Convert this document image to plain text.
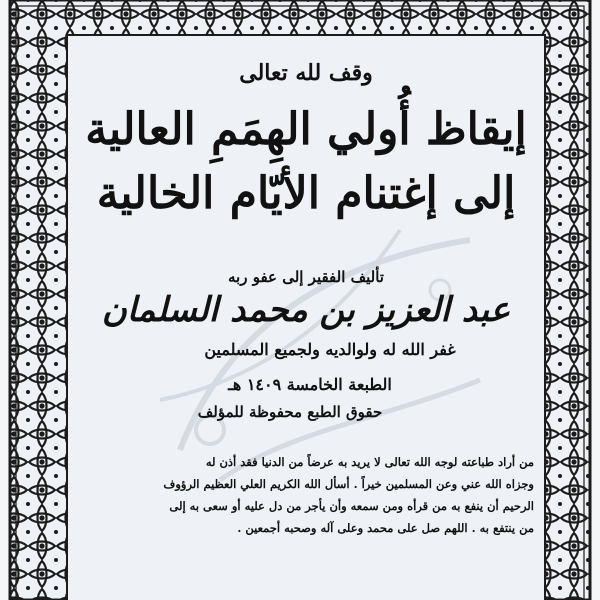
وقف لله تعالى
إيقاظ أُولي الهِمَمِ العالية
إلى إغتنام الأيّام الخالية
تأليف الفقير إلى عفو ربه
عبد العزيز بن محمد السلمان
غفر الله له ولوالديه ولجميع المسلمين
الطبعة الخامسة ١٤٠٩ هـ
حقوق الطبع محفوظة للمؤلف
من أراد طباعته لوجه الله تعالى لا يريد به عرضاً من الدنيا فقد أذن له
وجزاه الله عني وعن المسلمين خيراً . أسأل الله الكريم العلي العظيم الرؤوف
الرحيم أن ينفع به من قرأه ومن سمعه وأن يأجر من دل عليه أو سعى به إلى
من ينتفع به . اللهم صل على محمد وعلى آله وصحبه أجمعين .
